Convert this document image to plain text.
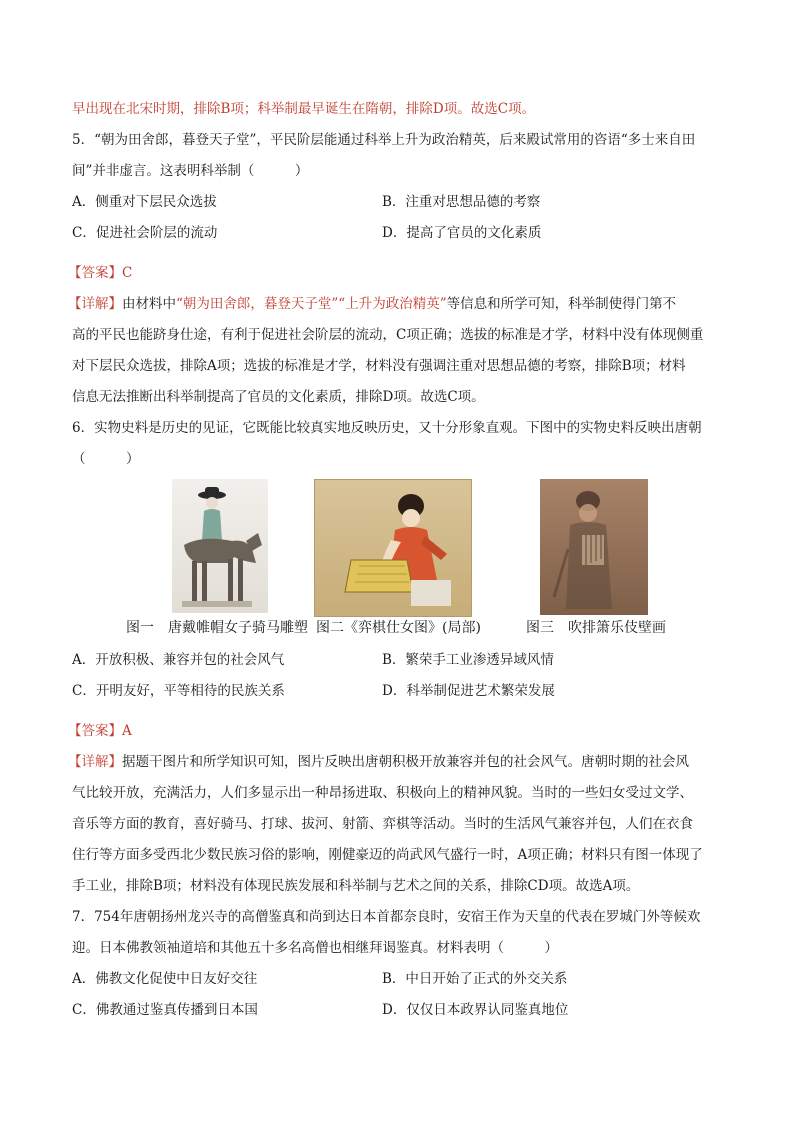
早出现在北宋时期，排除B项；科举制最早诞生在隋朝，排除D项。故选C项。

5．“朝为田舍郎，暮登天子堂”，平民阶层能通过科举上升为政治精英，后来殿试常用的咨语“多士来自田

间”并非虚言。这表明科举制（　　　）

A．侧重对下层民众选拔	B．注重对思想品德的考察
C．促进社会阶层的流动	D．提高了官员的文化素质

【答案】C

【详解】由材料中“朝为田舍郎，暮登天子堂”“上升为政治精英”等信息和所学可知，科举制使得门第不

高的平民也能跻身仕途，有利于促进社会阶层的流动，C项正确；选拔的标准是才学，材料中没有体现侧重

对下层民众选拔，排除A项；选拔的标准是才学，材料没有强调注重对思想品德的考察，排除B项；材料

信息无法推断出科举制提高了官员的文化素质，排除D项。故选C项。

6．实物史料是历史的见证，它既能比较真实地反映历史，又十分形象直观。下图中的实物史料反映出唐朝

（　　　）

图一　唐戴帷帽女子骑马雕塑 图二《弈棋仕女图》(局部)	图三　吹排箫乐伎壁画
A．开放积极、兼容并包的社会风气	B．繁荣手工业渗透异域风情
C．开明友好，平等相待的民族关系	D．科举制促进艺术繁荣发展

【答案】A

【详解】据题干图片和所学知识可知，图片反映出唐朝积极开放兼容并包的社会风气。唐朝时期的社会风

气比较开放，充满活力，人们多显示出一种昂扬进取、积极向上的精神风貌。当时的一些妇女受过文学、

音乐等方面的教育，喜好骑马、打球、拔河、射箭、弈棋等活动。当时的生活风气兼容并包，人们在衣食

住行等方面多受西北少数民族习俗的影响，刚健豪迈的尚武风气盛行一时，A项正确；材料只有图一体现了

手工业，排除B项；材料没有体现民族发展和科举制与艺术之间的关系，排除CD项。故选A项。

7．754年唐朝扬州龙兴寺的高僧鉴真和尚到达日本首都奈良时，安宿王作为天皇的代表在罗城门外等候欢

迎。日本佛教领袖道培和其他五十多名高僧也相继拜谒鉴真。材料表明（　　　）

A．佛教文化促使中日友好交往	B．中日开始了正式的外交关系
C．佛教通过鉴真传播到日本国	D．仅仅日本政界认同鉴真地位
